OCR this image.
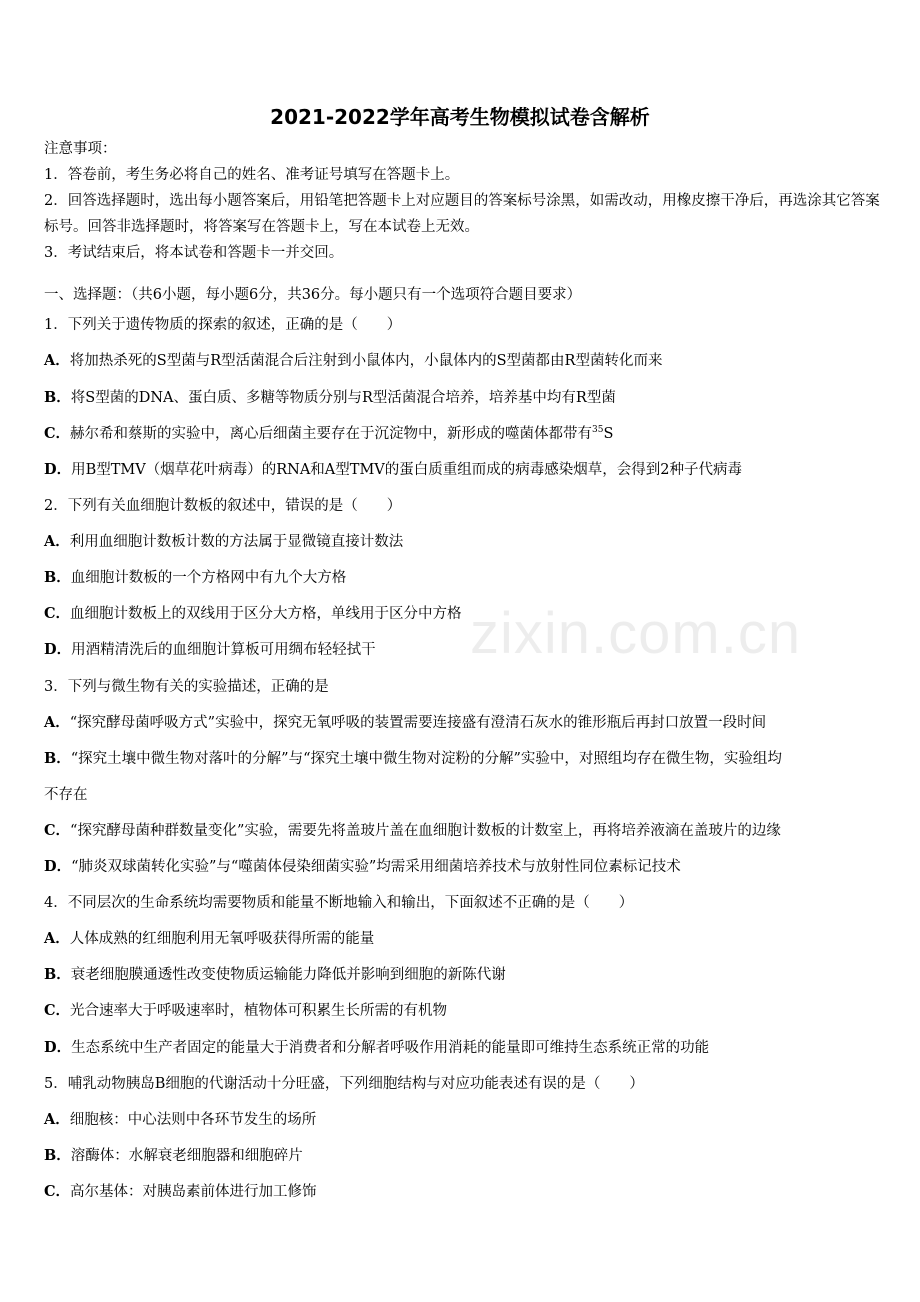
zixin.com.cn
2021-2022学年高考生物模拟试卷含解析
注意事项：
1．答卷前，考生务必将自己的姓名、准考证号填写在答题卡上。
2．回答选择题时，选出每小题答案后，用铅笔把答题卡上对应题目的答案标号涂黑，如需改动，用橡皮擦干净后，再选涂其它答案标号。回答非选择题时，将答案写在答题卡上，写在本试卷上无效。
3．考试结束后，将本试卷和答题卡一并交回。
一、选择题：（共6小题，每小题6分，共36分。每小题只有一个选项符合题目要求）
1．下列关于遗传物质的探索的叙述，正确的是（　　）
A．将加热杀死的S型菌与R型活菌混合后注射到小鼠体内，小鼠体内的S型菌都由R型菌转化而来
B．将S型菌的DNA、蛋白质、多糖等物质分别与R型活菌混合培养，培养基中均有R型菌
C．赫尔希和蔡斯的实验中，离心后细菌主要存在于沉淀物中，新形成的噬菌体都带有$^{35}$S
D．用B型TMV（烟草花叶病毒）的RNA和A型TMV的蛋白质重组而成的病毒感染烟草，会得到2种子代病毒
2．下列有关血细胞计数板的叙述中，错误的是（　　）
A．利用血细胞计数板计数的方法属于显微镜直接计数法
B．血细胞计数板的一个方格网中有九个大方格
C．血细胞计数板上的双线用于区分大方格，单线用于区分中方格
D．用酒精清洗后的血细胞计算板可用绸布轻轻拭干
3．下列与微生物有关的实验描述，正确的是
A．“探究酵母菌呼吸方式”实验中，探究无氧呼吸的装置需要连接盛有澄清石灰水的锥形瓶后再封口放置一段时间
B．“探究土壤中微生物对落叶的分解”与“探究土壤中微生物对淀粉的分解”实验中，对照组均存在微生物，实验组均
不存在
C．“探究酵母菌种群数量变化”实验，需要先将盖玻片盖在血细胞计数板的计数室上，再将培养液滴在盖玻片的边缘
D．“肺炎双球菌转化实验”与“噬菌体侵染细菌实验”均需采用细菌培养技术与放射性同位素标记技术
4．不同层次的生命系统均需要物质和能量不断地输入和输出，下面叙述不正确的是（　　）
A．人体成熟的红细胞利用无氧呼吸获得所需的能量
B．衰老细胞膜通透性改变使物质运输能力降低并影响到细胞的新陈代谢
C．光合速率大于呼吸速率时，植物体可积累生长所需的有机物
D．生态系统中生产者固定的能量大于消费者和分解者呼吸作用消耗的能量即可维持生态系统正常的功能
5．哺乳动物胰岛B细胞的代谢活动十分旺盛，下列细胞结构与对应功能表述有误的是（　　）
A．细胞核：中心法则中各环节发生的场所
B．溶酶体：水解衰老细胞器和细胞碎片
C．高尔基体：对胰岛素前体进行加工修饰
